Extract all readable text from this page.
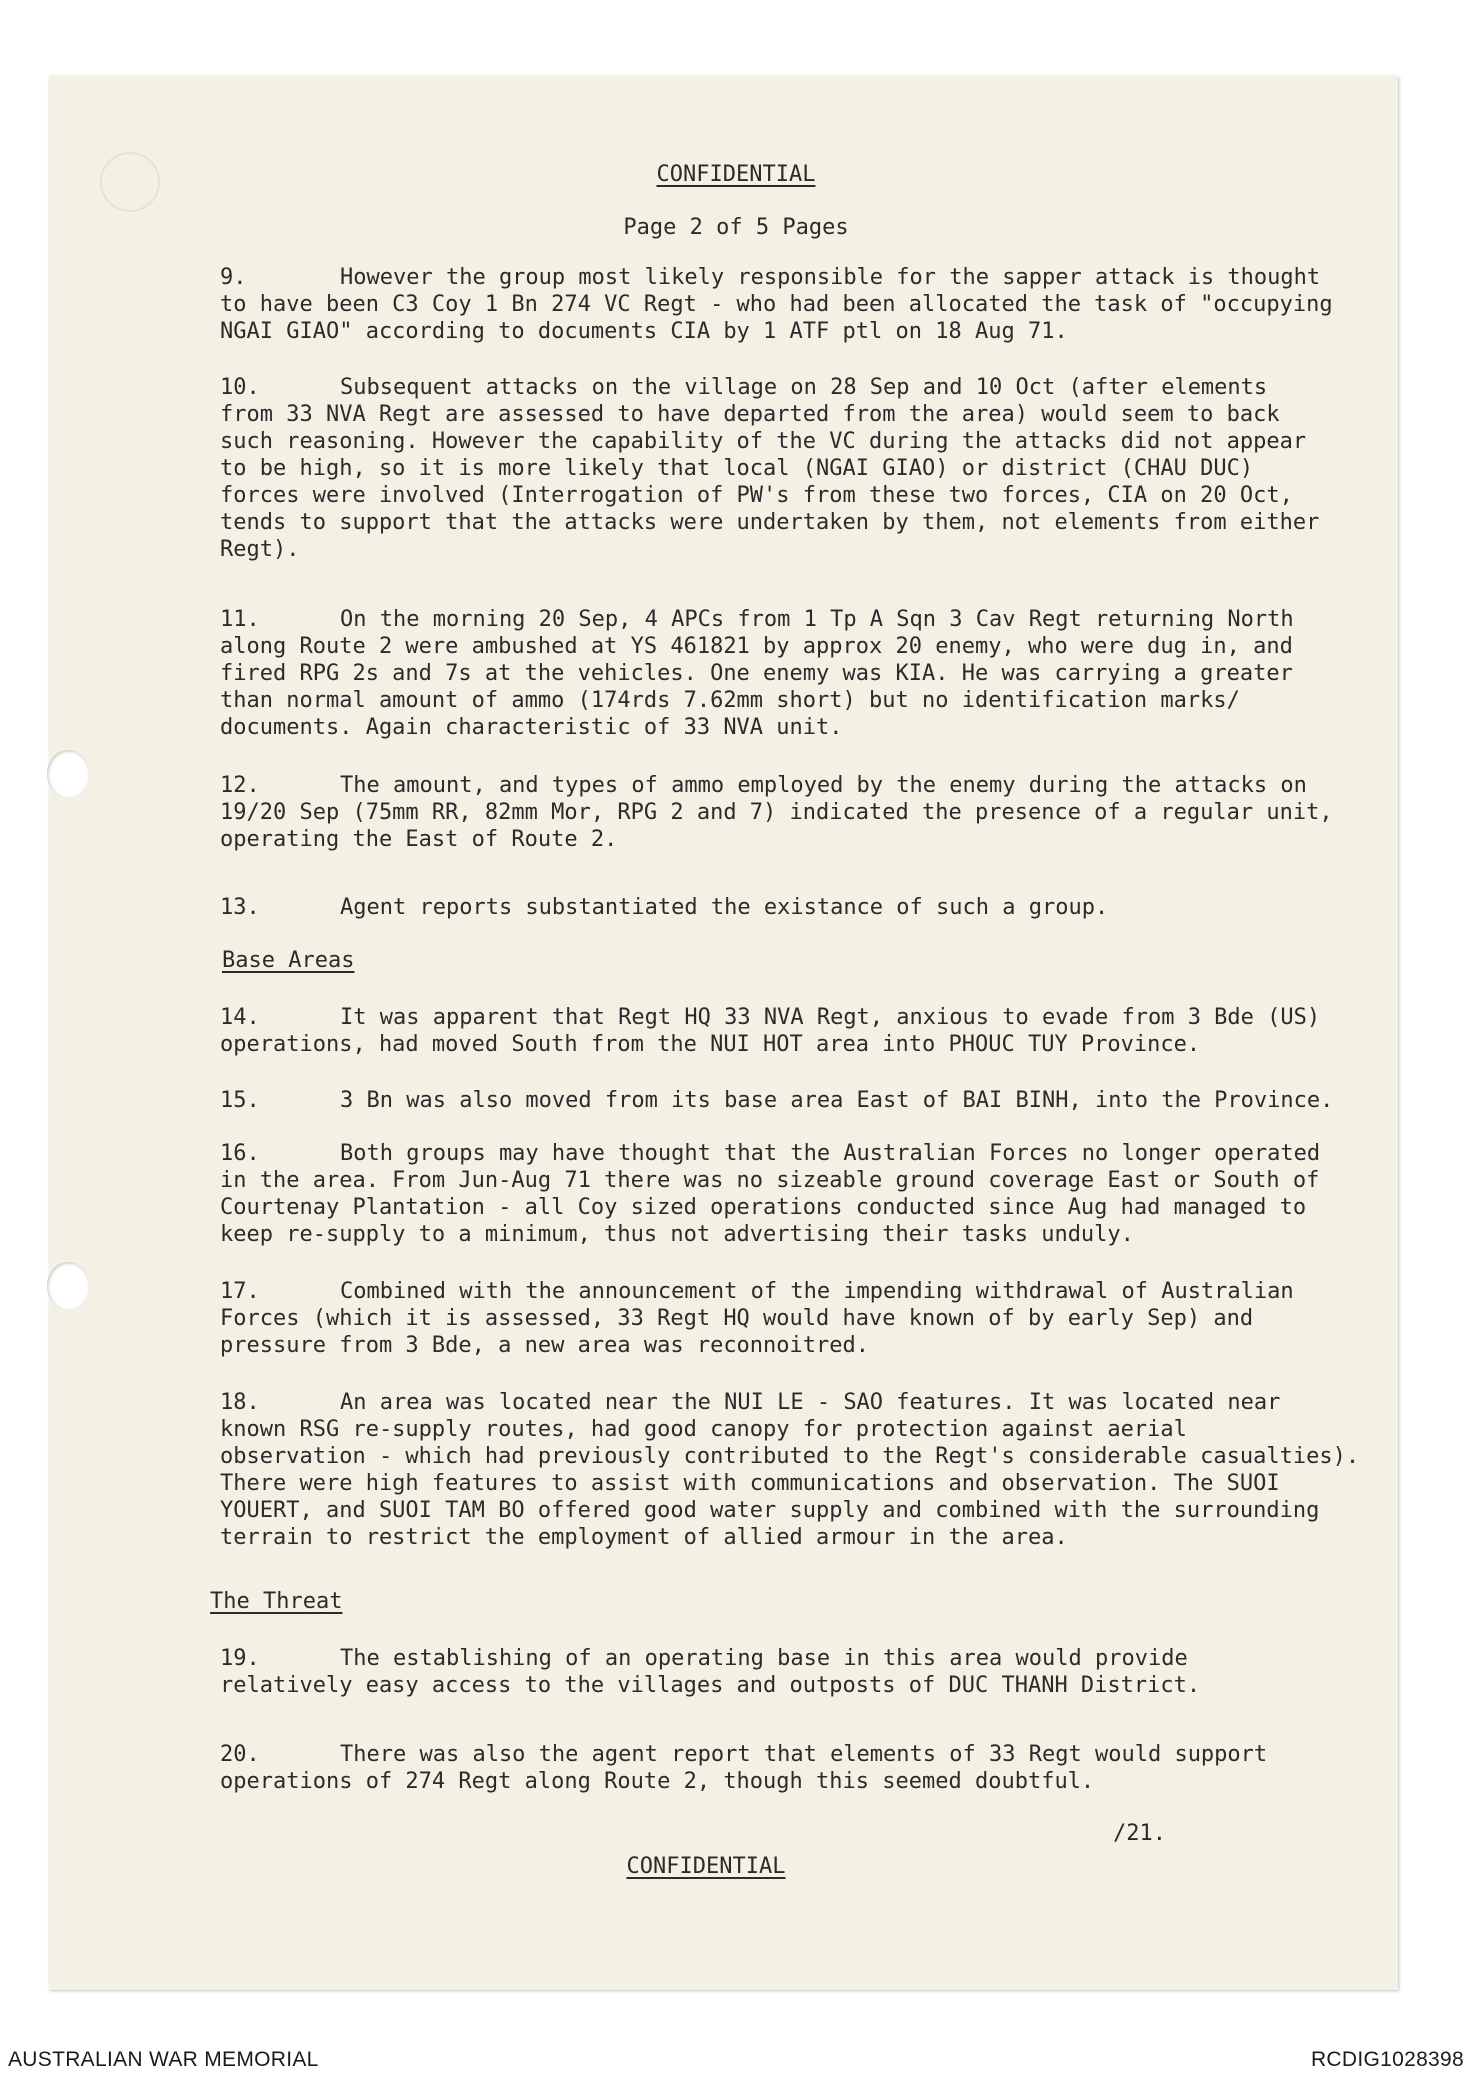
CONFIDENTIAL
Page 2 of 5 Pages
9.	However the group most likely responsible for the sapper attack is thought
to have been C3 Coy 1 Bn 274 VC Regt - who had been allocated the task of "occupying
NGAI GIAO" according to documents CIA by 1 ATF ptl on 18 Aug 71.
10.	Subsequent attacks on the village on 28 Sep and 10 Oct (after elements
from 33 NVA Regt are assessed to have departed from the area) would seem to back
such reasoning. However the capability of the VC during the attacks did not appear
to be high, so it is more likely that local (NGAI GIAO) or district (CHAU DUC)
forces were involved (Interrogation of PW's from these two forces, CIA on 20 Oct,
tends to support that the attacks were undertaken by them, not elements from either
Regt).
11.	On the morning 20 Sep, 4 APCs from 1 Tp A Sqn 3 Cav Regt returning North
along Route 2 were ambushed at YS 461821 by approx 20 enemy, who were dug in, and
fired RPG 2s and 7s at the vehicles. One enemy was KIA. He was carrying a greater
than normal amount of ammo (174rds 7.62mm short) but no identification marks/
documents. Again characteristic of 33 NVA unit.
12.	The amount, and types of ammo employed by the enemy during the attacks on
19/20 Sep (75mm RR, 82mm Mor, RPG 2 and 7) indicated the presence of a regular unit,
operating the East of Route 2.
13.	Agent reports substantiated the existance of such a group.
Base Areas
14.	It was apparent that Regt HQ 33 NVA Regt, anxious to evade from 3 Bde (US)
operations, had moved South from the NUI HOT area into PHOUC TUY Province.
15.	3 Bn was also moved from its base area East of BAI BINH, into the Province.
16.	Both groups may have thought that the Australian Forces no longer operated
in the area. From Jun-Aug 71 there was no sizeable ground coverage East or South of
Courtenay Plantation - all Coy sized operations conducted since Aug had managed to
keep re-supply to a minimum, thus not advertising their tasks unduly.
17.	Combined with the announcement of the impending withdrawal of Australian
Forces (which it is assessed, 33 Regt HQ would have known of by early Sep) and
pressure from 3 Bde, a new area was reconnoitred.
18.	An area was located near the NUI LE - SAO features. It was located near
known RSG re-supply routes, had good canopy for protection against aerial
observation - which had previously contributed to the Regt's considerable casualties).
There were high features to assist with communications and observation. The SUOI
YOUERT, and SUOI TAM BO offered good water supply and combined with the surrounding
terrain to restrict the employment of allied armour in the area.
The Threat
19.	The establishing of an operating base in this area would provide
relatively easy access to the villages and outposts of DUC THANH District.
20.	There was also the agent report that elements of 33 Regt would support
operations of 274 Regt along Route 2, though this seemed doubtful.
/21.
CONFIDENTIAL
AUSTRALIAN WAR MEMORIAL	RCDIG1028398
